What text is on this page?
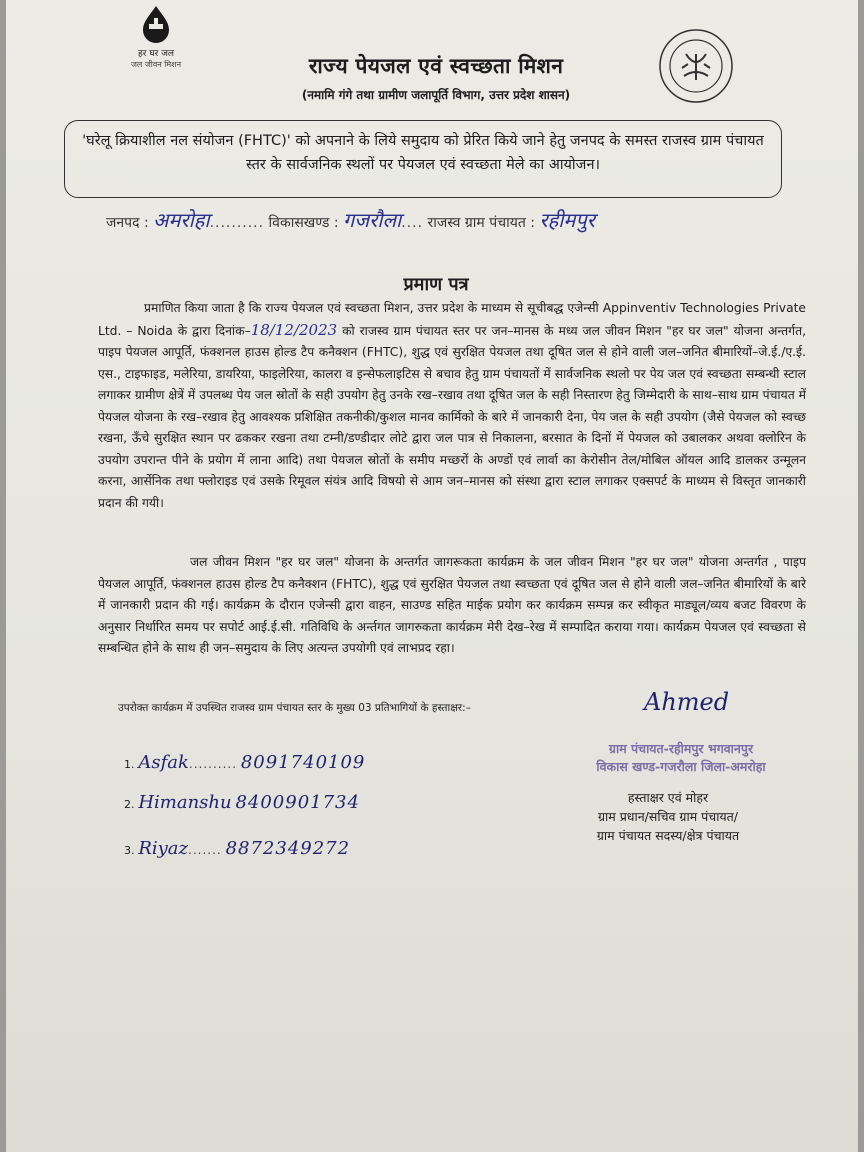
हर घर जल
जल जीवन मिशन	राज्य पेयजल एवं स्वच्छता मिशन
(नमामि गंगे तथा ग्रामीण जलापूर्ति विभाग, उत्तर प्रदेश शासन)
'घरेलू क्रियाशील नल संयोजन (FHTC)' को अपनाने के लिये समुदाय को प्रेरित किये जाने हेतु जनपद के समस्त राजस्व ग्राम पंचायत स्तर के सार्वजनिक स्थलों पर पेयजल एवं स्वच्छता मेले का आयोजन।
जनपद : अमरोहा.......... विकासखण्ड : गजरौला.... राजस्व ग्राम पंचायत : रहीमपुर
प्रमाण पत्र
प्रमाणित किया जाता है कि राज्य पेयजल एवं स्वच्छता मिशन, उत्तर प्रदेश के माध्यम से सूचीबद्ध एजेन्सी Appinventiv Technologies Private Ltd. – Noida के द्वारा दिनांक–18/12/2023 को राजस्व ग्राम पंचायत स्तर पर जन–मानस के मध्य जल जीवन मिशन "हर घर जल" योजना अन्तर्गत, पाइप पेयजल आपूर्ति, फंक्शनल हाउस होल्ड टैप कनैक्शन (FHTC), शुद्ध एवं सुरक्षित पेयजल तथा दूषित जल से होने वाली जल–जनित बीमारियों–जे.ई./ए.ई. एस., टाइफाइड, मलेरिया, डायरिया, फाइलेरिया, कालरा व इन्सेफलाइटिस से बचाव हेतु ग्राम पंचायतों में सार्वजनिक स्थलो पर पेय जल एवं स्वच्छता सम्बन्धी स्टाल लगाकर ग्रामीण क्षेत्रें में उपलब्ध पेय जल स्रोतों के सही उपयोग हेतु उनके रख–रखाव तथा दूषित जल के सही निस्तारण हेतु जिम्मेदारी के साथ–साथ ग्राम पंचायत में पेयजल योजना के रख–रखाव हेतु आवश्यक प्रशिक्षित तकनीकी/कुशल मानव कार्मिको के बारे में जानकारी देना, पेय जल के सही उपयोग (जैसे पेयजल को स्वच्छ रखना, ऊँचे सुरक्षित स्थान पर ढककर रखना तथा टम्नी/डण्डीदार लोटे द्वारा जल पात्र से निकालना, बरसात के दिनों में पेयजल को उबालकर अथवा क्लोरिन के उपयोग उपरान्त पीने के प्रयोग में लाना आदि) तथा पेयजल स्रोतों के समीप मच्छरों के अण्डों एवं लार्वा का केरोसीन तेल/मोबिल ऑयल आदि डालकर उन्मूलन करना, आर्सेनिक तथा फ्लोराइड एवं उसके रिमूवल संयंत्र आदि विषयो से आम जन–मानस को संस्था द्वारा स्टाल लगाकर एक्सपर्ट के माध्यम से विस्तृत जानकारी प्रदान की गयी।
जल जीवन मिशन "हर घर जल" योजना के अन्तर्गत जागरूकता कार्यक्रम के जल जीवन मिशन "हर घर जल" योजना अन्तर्गत , पाइप पेयजल आपूर्ति, फंक्शनल हाउस होल्ड टैप कनैक्शन (FHTC), शुद्ध एवं सुरक्षित पेयजल तथा स्वच्छता एवं दूषित जल से होने वाली जल–जनित बीमारियों के बारे में जानकारी प्रदान की गई। कार्यक्रम के दौरान एजेन्सी द्वारा वाहन, साउण्ड सहित माईक प्रयोग कर कार्यक्रम सम्पन्न कर स्वीकृत माड्यूल/व्यय बजट विवरण के अनुसार निर्धारित समय पर सपोर्ट आई.ई.सी. गतिविधि के अर्न्तगत जागरुकता कार्यक्रम मेरी देख–रेख में सम्पादित कराया गया। कार्यक्रम पेयजल एवं स्वच्छता से सम्बन्धित होने के साथ ही जन–समुदाय के लिए अत्यन्त उपयोगी एवं लाभप्रद रहा।
उपरोक्त कार्यक्रम में उपस्थित राजस्व ग्राम पंचायत स्तर के मुख्य 03 प्रतिभागियों के हस्ताक्षर:–
1. Asfak.......... 8091740109
2. Himanshu 8400901734
3. Riyaz....... 8872349272
Ahmed
ग्राम पंचायत-रहीमपुर भगवानपुर
विकास खण्ड-गजरौला जिला-अमरोहा
हस्ताक्षर एवं मोहर
ग्राम प्रधान/सचिव ग्राम पंचायत/
ग्राम पंचायत सदस्य/क्षेत्र पंचायत
